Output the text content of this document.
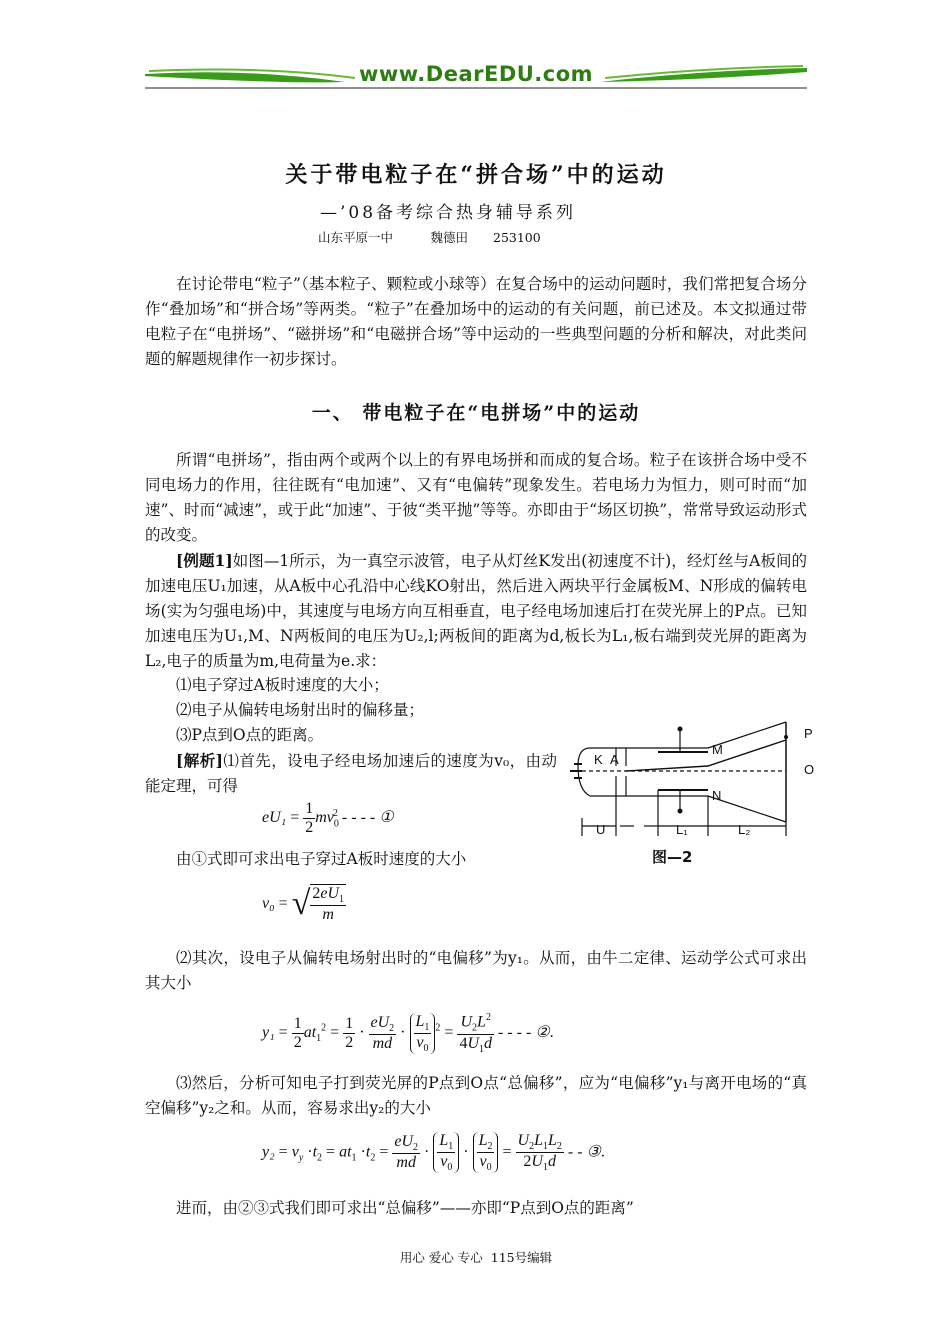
www.DearEDU.com
关于带电粒子在“拼合场”中的运动
—’08备考综合热身辅导系列
山东平原一中　　　魏德田　　253100
在讨论带电“粒子”（基本粒子、颗粒或小球等）在复合场中的运动问题时，我们常把复合场分作“叠加场”和“拼合场”等两类。“粒子”在叠加场中的运动的有关问题，前已述及。本文拟通过带电粒子在“电拼场”、“磁拼场”和“电磁拼合场”等中运动的一些典型问题的分析和解决，对此类问题的解题规律作一初步探讨。
一、 带电粒子在“电拼场”中的运动
所谓“电拼场”，指由两个或两个以上的有界电场拼和而成的复合场。粒子在该拼合场中受不同电场力的作用，往往既有“电加速”、又有“电偏转”现象发生。若电场力为恒力，则可时而“加速”、时而“减速”，或于此“加速”、于彼“类平抛”等等。亦即由于“场区切换”，常常导致运动形式的改变。
[例题1]如图—1所示，为一真空示波管，电子从灯丝K发出(初速度不计)，经灯丝与A板间的加速电压U₁加速，从A板中心孔沿中心线KO射出，然后进入两块平行金属板M、N形成的偏转电场(实为匀强电场)中，其速度与电场方向互相垂直，电子经电场加速后打在荧光屏上的P点。已知加速电压为U₁,M、N两板间的电压为U₂,l;两板间的距离为d,板长为L₁,板右端到荧光屏的距离为L₂,电子的质量为m,电荷量为e.求：
⑴电子穿过A板时速度的大小；
⑵电子从偏转电场射出时的偏移量；
⑶P点到O点的距离。
[解析]⑴首先，设电子经电场加速后的速度为v₀，由动能定理，可得
$eU_1 = \frac{1}{2} mv_0^2$ - - - - ①
由①式即可求出电子穿过A板时速度的大小
v₀ = √ $\frac{2eU_1}{m}$
⑵其次，设电子从偏转电场射出时的“电偏移”为y₁。从而，由牛二定律、运动学公式可求出其大小
$y_1 = \frac{1}{2} at_1^2 = \frac{1}{2} \cdot \frac{eU_2}{md} \cdot \frac{L_1}{v_0} ^2 = \frac{U_2L^2}{4U_1d}$ - - - - ②.
⑶然后，分析可知电子打到荧光屏的P点到O点“总偏移”，应为“电偏移”y₁与离开电场的“真空偏移”y₂之和。从而，容易求出y₂的大小
$y_2 = v_y \cdot t_2 = at_1 \cdot t_2 = \frac{eU_2}{md} \cdot \frac{L_1}{v_0} \cdot \frac{L_2}{v_0} = \frac{U_2L_1L_2}{2U_1d}$ - - ③.
进而，由②③式我们即可求出“总偏移”——亦即“P点到O点的距离”
P
O
M
N
K A
U	L₁	L₂
图—2
用心 爱心 专心  115号编辑
